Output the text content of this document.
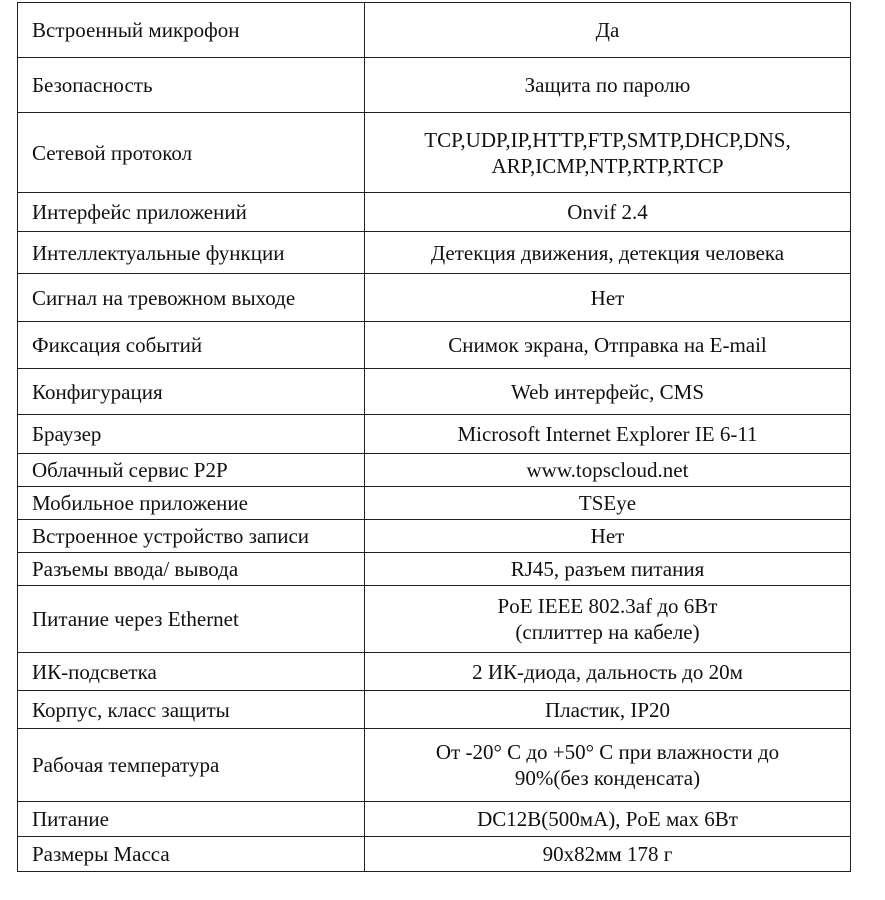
Встроенный микрофон	Да
Безопасность	Защита по паролю
Сетевой протокол	TCP,UDP,IP,HTTP,FTP,SMTP,DHCP,DNS,
ARP,ICMP,NTP,RTP,RTCP
Интерфейс приложений	Onvif 2.4
Интеллектуальные функции	Детекция движения, детекция человека
Сигнал на тревожном выходе	Нет
Фиксация событий	Снимок экрана, Отправка на E-mail
Конфигурация	Web интерфейс, CMS
Браузер	Microsoft Internet Explorer IE 6-11
Облачный сервис P2P	www.topscloud.net
Мобильное приложение	TSEye
Встроенное устройство записи	Нет
Разъемы ввода/ вывода	RJ45, разъем питания
Питание через Ethernet	PoE IEEE 802.3af до 6Вт
(сплиттер на кабеле)
ИК-подсветка	2 ИК-диода, дальность до 20м
Корпус, класс защиты	Пластик, IP20
Рабочая температура	От -20° C до +50° C при влажности до
90%(без конденсата)
Питание	DC12В(500мА), PoE мах 6Вт
Размеры Масса	90х82мм 178 г
